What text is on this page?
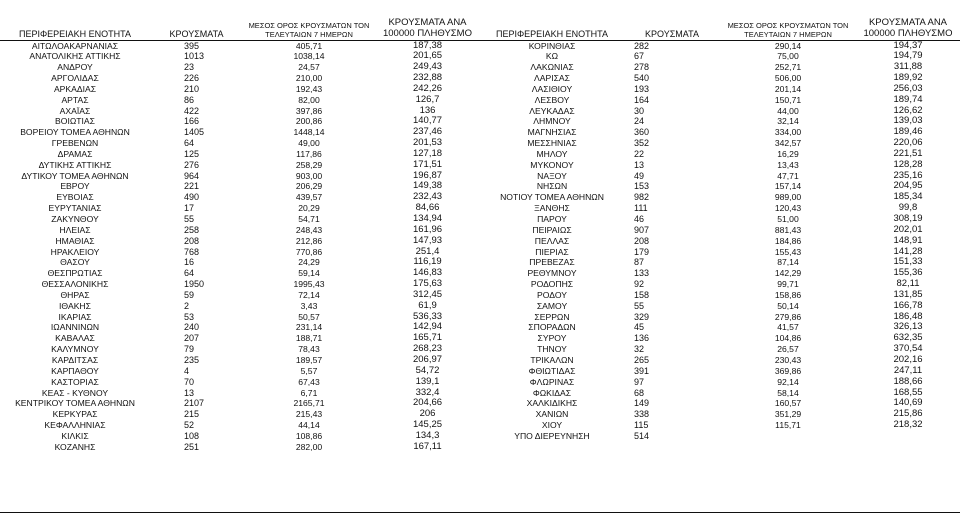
ΠΕΡΙΦΕΡΕΙΑΚΗ ΕΝΟΤΗΤΑ	ΚΡΟΥΣΜΑΤΑ	ΜΕΣΟΣ ΟΡΟΣ ΚΡΟΥΣΜΑΤΩΝ ΤΟΝ ΤΕΛΕΥΤΑΙΩΝ 7 ΗΜΕΡΩΝ	ΚΡΟΥΣΜΑΤΑ ΑΝΑ 100000 ΠΛΗΘΥΣΜΟ
ΑΙΤΩΛΟΑΚΑΡΝΑΝΙΑΣ	395	405,71	187,38
ΑΝΑΤΟΛΙΚΗΣ ΑΤΤΙΚΗΣ	1013	1038,14	201,65
ΑΝΔΡΟΥ	23	24,57	249,43
ΑΡΓΟΛΙΔΑΣ	226	210,00	232,88
ΑΡΚΑΔΙΑΣ	210	192,43	242,26
ΑΡΤΑΣ	86	82,00	126,7
ΑΧΑΪΑΣ	422	397,86	136
ΒΟΙΩΤΙΑΣ	166	200,86	140,77
ΒΟΡΕΙΟΥ ΤΟΜΕΑ ΑΘΗΝΩΝ	1405	1448,14	237,46
ΓΡΕΒΕΝΩΝ	64	49,00	201,53
ΔΡΑΜΑΣ	125	117,86	127,18
ΔΥΤΙΚΗΣ ΑΤΤΙΚΗΣ	276	258,29	171,51
ΔΥΤΙΚΟΥ ΤΟΜΕΑ ΑΘΗΝΩΝ	964	903,00	196,87
ΕΒΡΟΥ	221	206,29	149,38
ΕΥΒΟΙΑΣ	490	439,57	232,43
ΕΥΡΥΤΑΝΙΑΣ	17	20,29	84,66
ΖΑΚΥΝΘΟΥ	55	54,71	134,94
ΗΛΕΙΑΣ	258	248,43	161,96
ΗΜΑΘΙΑΣ	208	212,86	147,93
ΗΡΑΚΛΕΙΟΥ	768	770,86	251,4
ΘΑΣΟΥ	16	24,29	116,19
ΘΕΣΠΡΩΤΙΑΣ	64	59,14	146,83
ΘΕΣΣΑΛΟΝΙΚΗΣ	1950	1995,43	175,63
ΘΗΡΑΣ	59	72,14	312,45
ΙΘΑΚΗΣ	2	3,43	61,9
ΙΚΑΡΙΑΣ	53	50,57	536,33
ΙΩΑΝΝΙΝΩΝ	240	231,14	142,94
ΚΑΒΑΛΑΣ	207	188,71	165,71
ΚΑΛΥΜΝΟΥ	79	78,43	268,23
ΚΑΡΔΙΤΣΑΣ	235	189,57	206,97
ΚΑΡΠΑΘΟΥ	4	5,57	54,72
ΚΑΣΤΟΡΙΑΣ	70	67,43	139,1
ΚΕΑΣ - ΚΥΘΝΟΥ	13	6,71	332,4
ΚΕΝΤΡΙΚΟΥ ΤΟΜΕΑ ΑΘΗΝΩΝ	2107	2165,71	204,66
ΚΕΡΚΥΡΑΣ	215	215,43	206
ΚΕΦΑΛΛΗΝΙΑΣ	52	44,14	145,25
ΚΙΛΚΙΣ	108	108,86	134,3
ΚΟΖΑΝΗΣ	251	282,00	167,11
ΠΕΡΙΦΕΡΕΙΑΚΗ ΕΝΟΤΗΤΑ	ΚΡΟΥΣΜΑΤΑ	ΜΕΣΟΣ ΟΡΟΣ ΚΡΟΥΣΜΑΤΩΝ ΤΟΝ ΤΕΛΕΥΤΑΙΩΝ 7 ΗΜΕΡΩΝ	ΚΡΟΥΣΜΑΤΑ ΑΝΑ 100000 ΠΛΗΘΥΣΜΟ
ΚΟΡΙΝΘΙΑΣ	282	290,14	194,37
ΚΩ	67	75,00	194,79
ΛΑΚΩΝΙΑΣ	278	252,71	311,88
ΛΑΡΙΣΑΣ	540	506,00	189,92
ΛΑΣΙΘΙΟΥ	193	201,14	256,03
ΛΕΣΒΟΥ	164	150,71	189,74
ΛΕΥΚΑΔΑΣ	30	44,00	126,62
ΛΗΜΝΟΥ	24	32,14	139,03
ΜΑΓΝΗΣΙΑΣ	360	334,00	189,46
ΜΕΣΣΗΝΙΑΣ	352	342,57	220,06
ΜΗΛΟΥ	22	16,29	221,51
ΜΥΚΟΝΟΥ	13	13,43	128,28
ΝΑΞΟΥ	49	47,71	235,16
ΝΗΣΩΝ	153	157,14	204,95
ΝΟΤΙΟΥ ΤΟΜΕΑ ΑΘΗΝΩΝ	982	989,00	185,34
ΞΑΝΘΗΣ	111	120,43	99,8
ΠΑΡΟΥ	46	51,00	308,19
ΠΕΙΡΑΙΩΣ	907	881,43	202,01
ΠΕΛΛΑΣ	208	184,86	148,91
ΠΙΕΡΙΑΣ	179	155,43	141,28
ΠΡΕΒΕΖΑΣ	87	87,14	151,33
ΡΕΘΥΜΝΟΥ	133	142,29	155,36
ΡΟΔΟΠΗΣ	92	99,71	82,11
ΡΟΔΟΥ	158	158,86	131,85
ΣΑΜΟΥ	55	50,14	166,78
ΣΕΡΡΩΝ	329	279,86	186,48
ΣΠΟΡΑΔΩΝ	45	41,57	326,13
ΣΥΡΟΥ	136	104,86	632,35
ΤΗΝΟΥ	32	26,57	370,54
ΤΡΙΚΑΛΩΝ	265	230,43	202,16
ΦΘΙΩΤΙΔΑΣ	391	369,86	247,11
ΦΛΩΡΙΝΑΣ	97	92,14	188,66
ΦΩΚΙΔΑΣ	68	58,14	168,55
ΧΑΛΚΙΔΙΚΗΣ	149	160,57	140,69
ΧΑΝΙΩΝ	338	351,29	215,86
ΧΙΟΥ	115	115,71	218,32
ΥΠΟ ΔΙΕΡΕΥΝΗΣΗ	514		
